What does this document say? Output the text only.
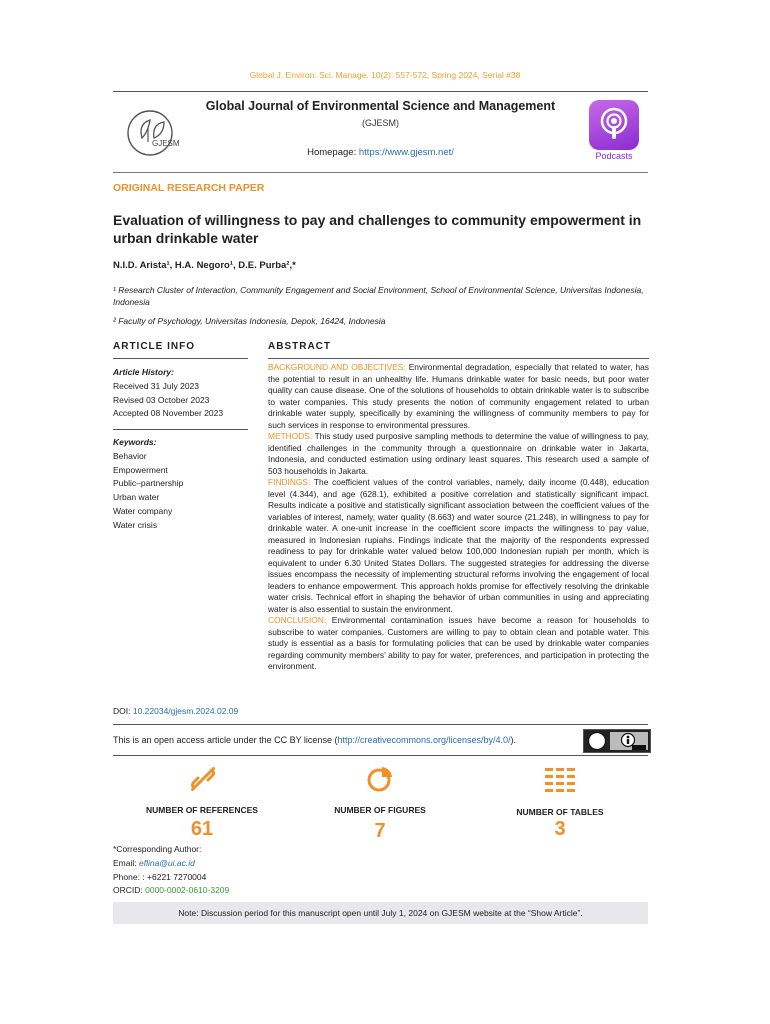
Global J. Environ. Sci. Manage. 10(2): 557-572, Spring 2024, Serial #38
GJESM
Global Journal of Environmental Science and Management
(GJESM)
Homepage: https://www.gjesm.net/	Podcasts
ORIGINAL RESEARCH PAPER
Evaluation of willingness to pay and challenges to community empowerment in urban drinkable water
N.I.D. Arista¹, H.A. Negoro¹, D.E. Purba²,*
¹ Research Cluster of Interaction, Community Engagement and Social Environment, School of Environmental Science, Universitas Indonesia, Indonesia
² Faculty of Psychology, Universitas Indonesia, Depok, 16424, Indonesia
ARTICLE INFO	ABSTRACT
Article History:
Received 31 July 2023
Revised 03 October 2023
Accepted 08 November 2023
Keywords:
Behavior
Empowerment
Public–partnership
Urban water
Water company
Water crisis
BACKGROUND AND OBJECTIVES: Environmental degradation, especially that related to water, has the potential to result in an unhealthy life. Humans drinkable water for basic needs, but poor water quality can cause disease. One of the solutions of households to obtain drinkable water is to subscribe to water companies. This study presents the notion of community engagement related to urban drinkable water supply, specifically by examining the willingness of community members to pay for such services in response to environmental pressures.
METHODS: This study used purposive sampling methods to determine the value of willingness to pay, identified challenges in the community through a questionnaire on drinkable water in Jakarta, Indonesia, and conducted estimation using ordinary least squares. This research used a sample of 503 households in Jakarta.
FINDINGS: The coefficient values of the control variables, namely, daily income (0.448), education level (4.344), and age (628.1), exhibited a positive correlation and statistically significant impact. Results indicate a positive and statistically significant association between the coefficient values of the variables of interest, namely, water quality (8.663) and water source (21.248), in willingness to pay for drinkable water. A one-unit increase in the coefficient score impacts the willingness to pay value, measured in Indonesian rupiahs. Findings indicate that the majority of the respondents expressed readiness to pay for drinkable water valued below 100,000 Indonesian rupiah per month, which is equivalent to under 6.30 United States Dollars. The suggested strategies for addressing the diverse issues encompass the necessity of implementing structural reforms involving the engagement of local leaders to enhance empowerment. This approach holds promise for effectively resolving the drinkable water crisis. Technical effort in shaping the behavior of urban communities in using and appreciating water is also essential to sustain the environment.
CONCLUSION: Environmental contamination issues have become a reason for households to subscribe to water companies. Customers are willing to pay to obtain clean and potable water. This study is essential as a basis for formulating policies that can be used by drinkable water companies regarding community members’ ability to pay for water, preferences, and participation in protecting the environment.
DOI: 10.22034/gjesm.2024.02.09
This is an open access article under the CC BY license (http://creativecommons.org/licenses/by/4.0/).
NUMBER OF REFERENCES
61
NUMBER OF FIGURES
7
NUMBER OF TABLES
3
*Corresponding Author:
Email: eflina@ui.ac.id
Phone: : +6221 7270004
ORCID: 0000-0002-0610-3209
Note: Discussion period for this manuscript open until July 1, 2024 on GJESM website at the “Show Article”.
